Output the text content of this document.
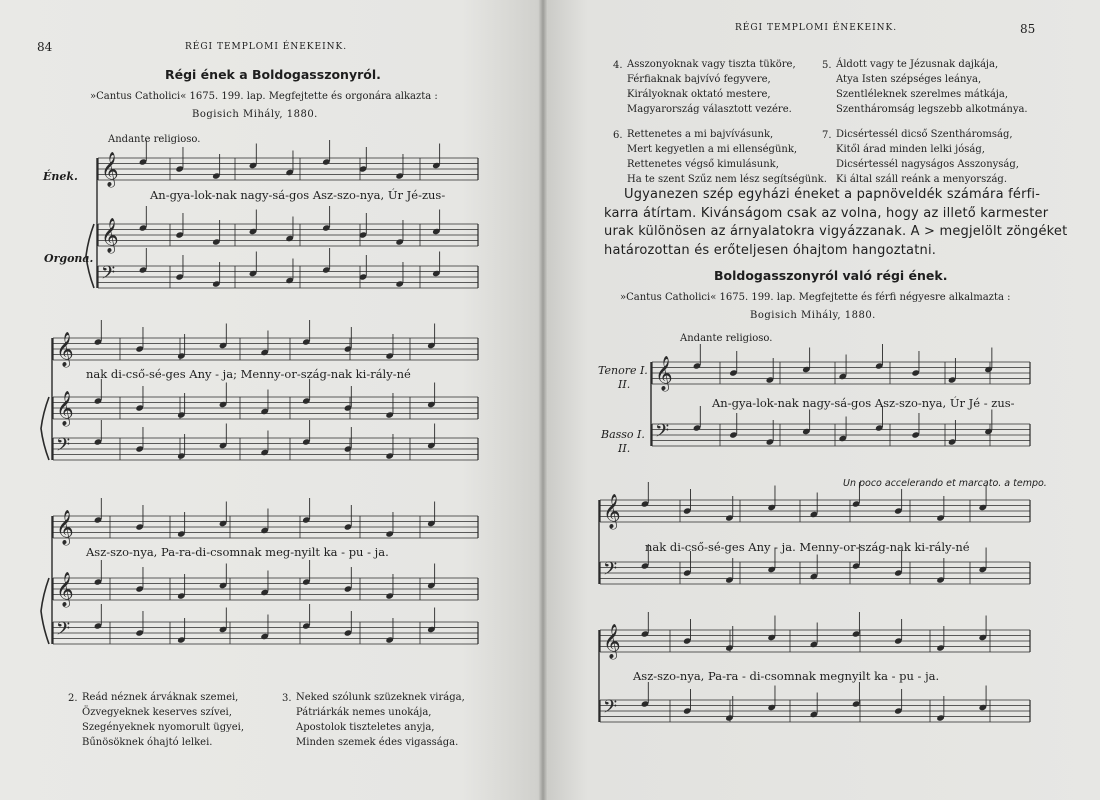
𝄞
𝄞
𝄢
𝄞
𝄞
𝄢
𝄞
𝄞
𝄢
𝄞
𝄢
𝄞
𝄢
𝄞
𝄢
84	RÉGI TEMPLOMI ÉNEKEINK.
Régi ének a Boldogasszonyról.
»Cantus Catholici« 1675. 199. lap. Megfejtette és orgonára alkazta :
Bogisich Mihály, 1880.
Andante religioso.
Ének.
Orgona.
An-gya-lok-nak nagy-sá-gos Asz-szo-nya, Úr Jé-zus-
nak di-cső-sé-ges Any - ja; Menny-or-szág-nak ki-rály-né
Asz-szo-nya, Pa-ra-di-csomnak meg-nyilt ka - pu - ja.
2. Reád néznek árváknak szemei,
Özvegyeknek keserves szívei,
Szegényeknek nyomorult ügyei,
Bűnösöknek óhajtó lelkei.
3. Neked szólunk szüzeknek virága,
Pátriárkák nemes unokája,
Apostolok tiszteletes anyja,
Minden szemek édes vigassága.
RÉGI TEMPLOMI ÉNEKEINK.	85
4. Asszonyoknak vagy tiszta tüköre,
Férfiaknak bajvívó fegyvere,
Királyoknak oktató mestere,
Magyarország választott vezére.
5. Áldott vagy te Jézusnak dajkája,
Atya Isten szépséges leánya,
Szentléleknek szerelmes mátkája,
Szentháromság legszebb alkotmánya.
6. Rettenetes a mi bajvívásunk,
Mert kegyetlen a mi ellenségünk,
Rettenetes végső kimulásunk,
Ha te szent Szűz nem lész segítségünk.
7. Dicsértessél dicső Szentháromság,
Kitől árad minden lelki jóság,
Dicsértessél nagyságos Asszonyság,
Ki által száll reánk a menyország.
Ugyanezen szép egyházi éneket a papnöveldék számára férfi-
karra átírtam. Kivánságom csak az volna, hogy az illető karmester
urak különösen az árnyalatokra vigyázzanak. A > megjelölt zöngéket
határozottan és erőteljesen óhajtom hangoztatni.
Boldogasszonyról való régi ének.
»Cantus Catholici« 1675. 199. lap. Megfejtette és férfi négyesre alkalmazta :
Bogisich Mihály, 1880.
Andante religioso.
Tenore I.
II.
Basso I.
II.
An-gya-lok-nak nagy-sá-gos Asz-szo-nya, Úr Jé - zus-
Un poco accelerando et marcato. a tempo.
nak di-cső-sé-ges Any - ja. Menny-or-szág-nak ki-rály-né
Asz-szo-nya, Pa-ra - di-csomnak megnyilt ka - pu - ja.
